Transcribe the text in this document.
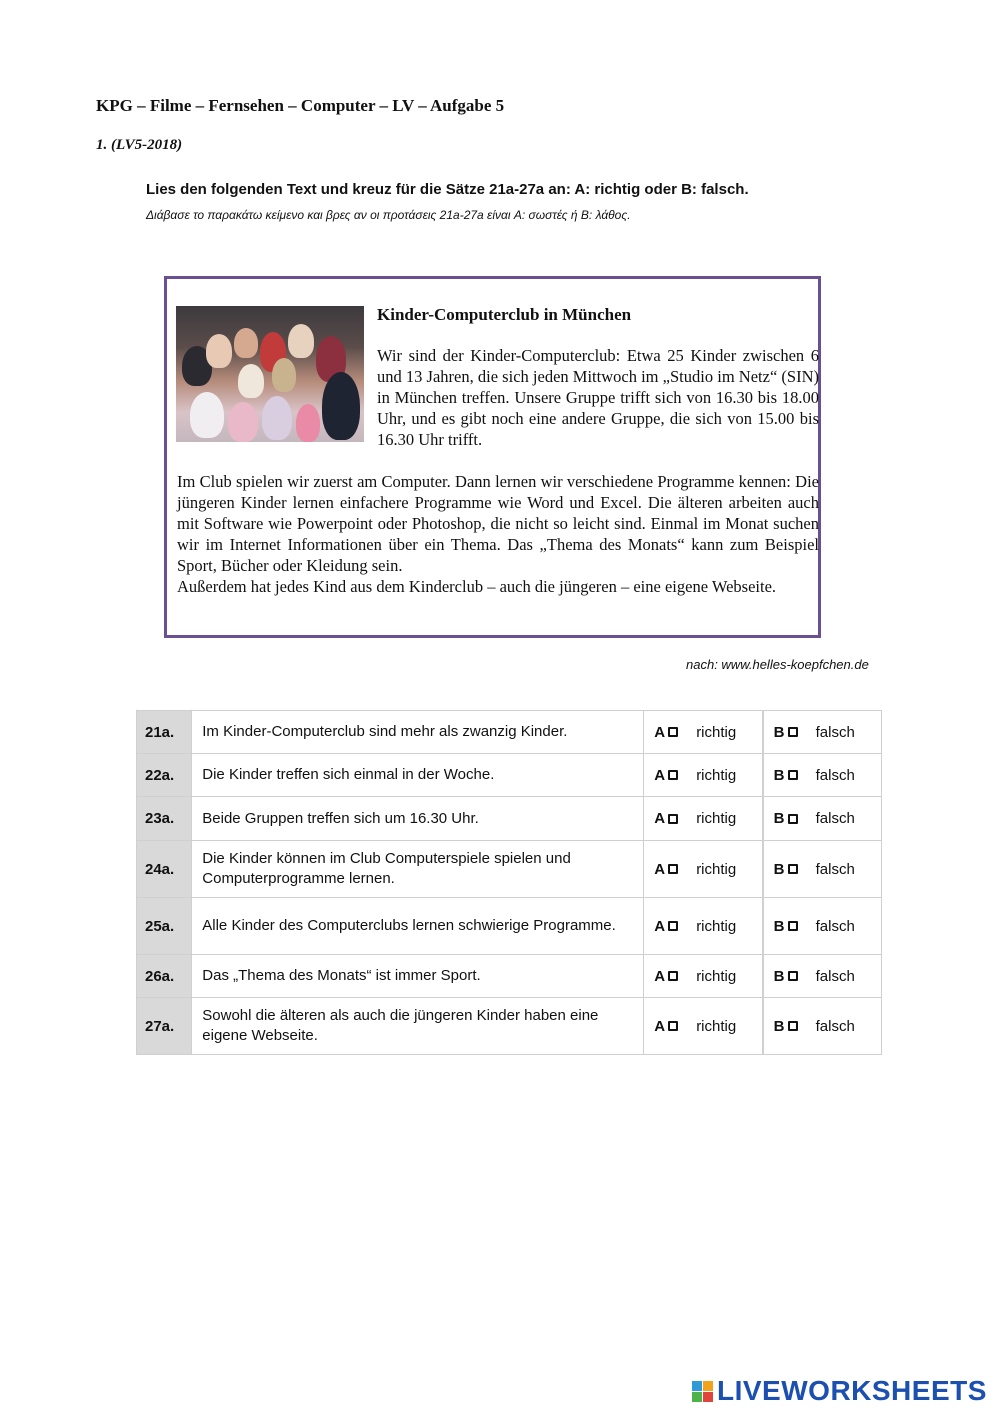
KPG – Filme – Fernsehen – Computer – LV – Aufgabe 5
1. (LV5-2018)
Lies den folgenden Text und kreuz für die Sätze 21a-27a an: A: richtig oder B: falsch.
Διάβασε το παρακάτω κείμενο και βρες αν οι προτάσεις 21a-27a είναι A: σωστές ή B: λάθος.
Kinder-Computerclub in München
Wir sind der Kinder-Computerclub: Etwa 25 Kinder zwischen 6 und 13 Jahren, die sich jeden Mittwoch im „Studio im Netz“ (SIN) in München treffen. Unsere Gruppe trifft sich von 16.30 bis 18.00 Uhr, und es gibt noch eine andere Gruppe, die sich von 15.00 bis 16.30 Uhr trifft.
Im Club spielen wir zuerst am Computer. Dann lernen wir verschiedene Programme kennen: Die jüngeren Kinder lernen einfachere Programme wie Word und Excel. Die älteren arbeiten auch mit Software wie Powerpoint oder Photoshop, die nicht so leicht sind. Einmal im Monat suchen wir im Internet Informationen über ein Thema. Das „Thema des Monats“ kann zum Beispiel Sport, Bücher oder Kleidung sein.
Außerdem hat jedes Kind aus dem Kinderclub – auch die jüngeren – eine eigene Webseite.
nach: www.helles-koepfchen.de
21a.	Im Kinder-Computerclub sind mehr als zwanzig Kinder.	A richtig	B falsch

22a.	Die Kinder treffen sich einmal in der Woche.	A richtig	B falsch

23a.	Beide Gruppen treffen sich um 16.30 Uhr.	A richtig	B falsch

24a.	Die Kinder können im Club Computerspiele spielen und Computerprogramme lernen.	A richtig	B falsch

25a.	Alle Kinder des Computerclubs lernen schwierige Programme.	A richtig	B falsch

26a.	Das „Thema des Monats“ ist immer Sport.	A richtig	B falsch

27a.	Sowohl die älteren als auch die jüngeren Kinder haben eine eigene Webseite.	A richtig	B falsch
LIVEWORKSHEETS
